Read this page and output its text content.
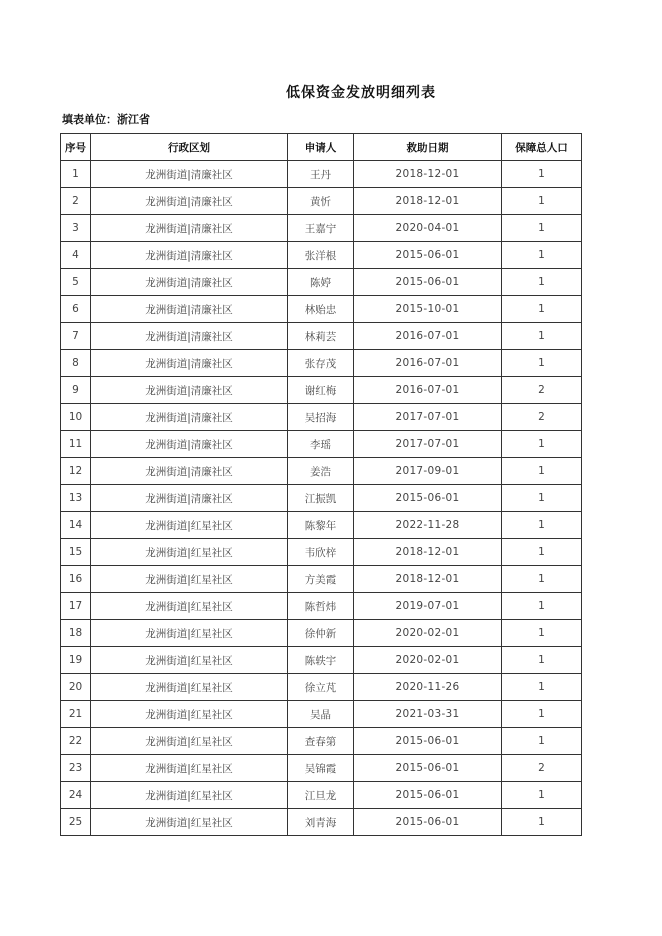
低保资金发放明细列表
填表单位：浙江省
序号	行政区划	申请人	救助日期	保障总人口
1	龙洲街道|清廉社区	王丹	2018-12-01	1
2	龙洲街道|清廉社区	黄忻	2018-12-01	1
3	龙洲街道|清廉社区	王嘉宁	2020-04-01	1
4	龙洲街道|清廉社区	张洋根	2015-06-01	1
5	龙洲街道|清廉社区	陈婷	2015-06-01	1
6	龙洲街道|清廉社区	林贻忠	2015-10-01	1
7	龙洲街道|清廉社区	林莉芸	2016-07-01	1
8	龙洲街道|清廉社区	张存茂	2016-07-01	1
9	龙洲街道|清廉社区	谢红梅	2016-07-01	2
10	龙洲街道|清廉社区	吴招海	2017-07-01	2
11	龙洲街道|清廉社区	李瑶	2017-07-01	1
12	龙洲街道|清廉社区	姜浩	2017-09-01	1
13	龙洲街道|清廉社区	江振凯	2015-06-01	1
14	龙洲街道|红星社区	陈黎年	2022-11-28	1
15	龙洲街道|红星社区	韦欣梓	2018-12-01	1
16	龙洲街道|红星社区	方美霞	2018-12-01	1
17	龙洲街道|红星社区	陈哲炜	2019-07-01	1
18	龙洲街道|红星社区	徐仲新	2020-02-01	1
19	龙洲街道|红星社区	陈轶宇	2020-02-01	1
20	龙洲街道|红星社区	徐立芃	2020-11-26	1
21	龙洲街道|红星社区	吴晶	2021-03-31	1
22	龙洲街道|红星社区	查春第	2015-06-01	1
23	龙洲街道|红星社区	吴锦霞	2015-06-01	2
24	龙洲街道|红星社区	江旦龙	2015-06-01	1
25	龙洲街道|红星社区	刘青海	2015-06-01	1
